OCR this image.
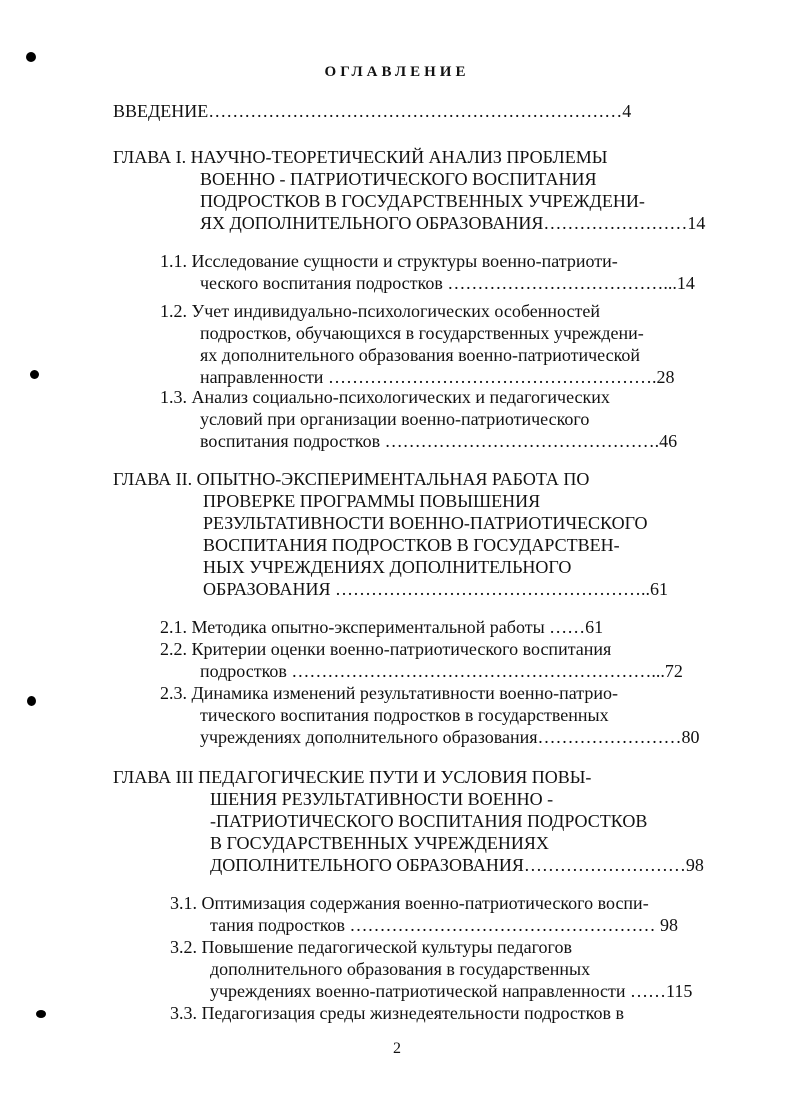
ОГЛАВЛЕНИЕ
ВВЕДЕНИЕ……………………………………………………………4
ГЛАВА I. НАУЧНО-ТЕОРЕТИЧЕСКИЙ АНАЛИЗ ПРОБЛЕМЫ
ВОЕННО - ПАТРИОТИЧЕСКОГО ВОСПИТАНИЯ
ПОДРОСТКОВ В ГОСУДАРСТВЕННЫХ УЧРЕЖДЕНИ-
ЯХ ДОПОЛНИТЕЛЬНОГО ОБРАЗОВАНИЯ……………………14
1.1. Исследование сущности и структуры военно-патриоти-
ческого воспитания подростков ………………………………...14
1.2. Учет индивидуально-психологических особенностей
подростков, обучающихся в государственных учреждени-
ях дополнительного образования военно-патриотической
направленности ……………………………………………….28
1.3. Анализ социально-психологических и педагогических
условий при организации военно-патриотического
воспитания подростков ……………………………………….46
ГЛАВА II. ОПЫТНО-ЭКСПЕРИМЕНТАЛЬНАЯ РАБОТА ПО
ПРОВЕРКЕ ПРОГРАММЫ ПОВЫШЕНИЯ
РЕЗУЛЬТАТИВНОСТИ ВОЕННО-ПАТРИОТИЧЕСКОГО
ВОСПИТАНИЯ ПОДРОСТКОВ В ГОСУДАРСТВЕН-
НЫХ УЧРЕЖДЕНИЯХ ДОПОЛНИТЕЛЬНОГО
ОБРАЗОВАНИЯ ……………………………………………..61
2.1. Методика опытно-экспериментальной работы ……61
2.2. Критерии оценки военно-патриотического воспитания
подростков ……………………………………………………...72
2.3. Динамика изменений результативности военно-патрио-
тического воспитания подростков в государственных
учреждениях дополнительного образования……………………80
ГЛАВА III ПЕДАГОГИЧЕСКИЕ ПУТИ И УСЛОВИЯ ПОВЫ-
ШЕНИЯ РЕЗУЛЬТАТИВНОСТИ ВОЕННО -
-ПАТРИОТИЧЕСКОГО ВОСПИТАНИЯ ПОДРОСТКОВ
В ГОСУДАРСТВЕННЫХ УЧРЕЖДЕНИЯХ
ДОПОЛНИТЕЛЬНОГО ОБРАЗОВАНИЯ………………………98
3.1. Оптимизация содержания военно-патриотического воспи-
тания подростков …………………………………………… 98
3.2. Повышение педагогической культуры педагогов
дополнительного образования в государственных
учреждениях военно-патриотической направленности ……115
3.3. Педагогизация среды жизнедеятельности подростков в
2
